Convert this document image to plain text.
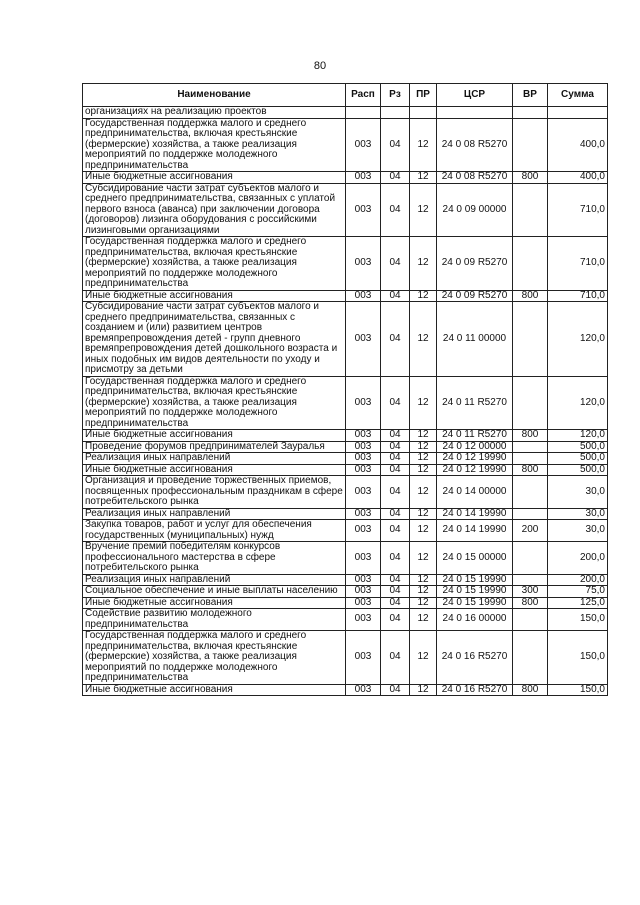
80
Наименование	Расп	Рз	ПР	ЦСР	ВР	Сумма
организациях на реализацию проектов						
Государственная поддержка малого и среднего предпринимательства, включая крестьянские (фермерские) хозяйства, а также реализация мероприятий по поддержке молодежного предпринимательства	003	04	12	24 0 08 R5270		400,0
Иные бюджетные ассигнования	003	04	12	24 0 08 R5270	800	400,0
Субсидирование части затрат субъектов малого и среднего предпринимательства, связанных с уплатой первого взноса (аванса) при заключении договора (договоров) лизинга оборудования с российскими лизинговыми организациями	003	04	12	24 0 09 00000		710,0
Государственная поддержка малого и среднего предпринимательства, включая крестьянские (фермерские) хозяйства, а также реализация мероприятий по поддержке молодежного предпринимательства	003	04	12	24 0 09 R5270		710,0
Иные бюджетные ассигнования	003	04	12	24 0 09 R5270	800	710,0
Субсидирование части затрат субъектов малого и среднего предпринимательства, связанных с созданием и (или) развитием центров времяпрепровождения детей - групп дневного времяпрепровождения детей дошкольного возраста и иных подобных им видов деятельности по уходу и присмотру за детьми	003	04	12	24 0 11 00000		120,0
Государственная поддержка малого и среднего предпринимательства, включая крестьянские (фермерские) хозяйства, а также реализация мероприятий по поддержке молодежного предпринимательства	003	04	12	24 0 11 R5270		120,0
Иные бюджетные ассигнования	003	04	12	24 0 11 R5270	800	120,0
Проведение форумов предпринимателей Зауралья	003	04	12	24 0 12 00000		500,0
Реализация иных направлений	003	04	12	24 0 12 19990		500,0
Иные бюджетные ассигнования	003	04	12	24 0 12 19990	800	500,0
Организация и проведение торжественных приемов, посвященных профессиональным праздникам в сфере потребительского рынка	003	04	12	24 0 14 00000		30,0
Реализация иных направлений	003	04	12	24 0 14 19990		30,0
Закупка товаров, работ и услуг для обеспечения государственных (муниципальных) нужд	003	04	12	24 0 14 19990	200	30,0
Вручение премий победителям конкурсов профессионального мастерства в сфере потребительского рынка	003	04	12	24 0 15 00000		200,0
Реализация иных направлений	003	04	12	24 0 15 19990		200,0
Социальное обеспечение и иные выплаты населению	003	04	12	24 0 15 19990	300	75,0
Иные бюджетные ассигнования	003	04	12	24 0 15 19990	800	125,0
Содействие развитию молодежного предпринимательства	003	04	12	24 0 16 00000		150,0
Государственная поддержка малого и среднего предпринимательства, включая крестьянские (фермерские) хозяйства, а также реализация мероприятий по поддержке молодежного предпринимательства	003	04	12	24 0 16 R5270		150,0
Иные бюджетные ассигнования	003	04	12	24 0 16 R5270	800	150,0
